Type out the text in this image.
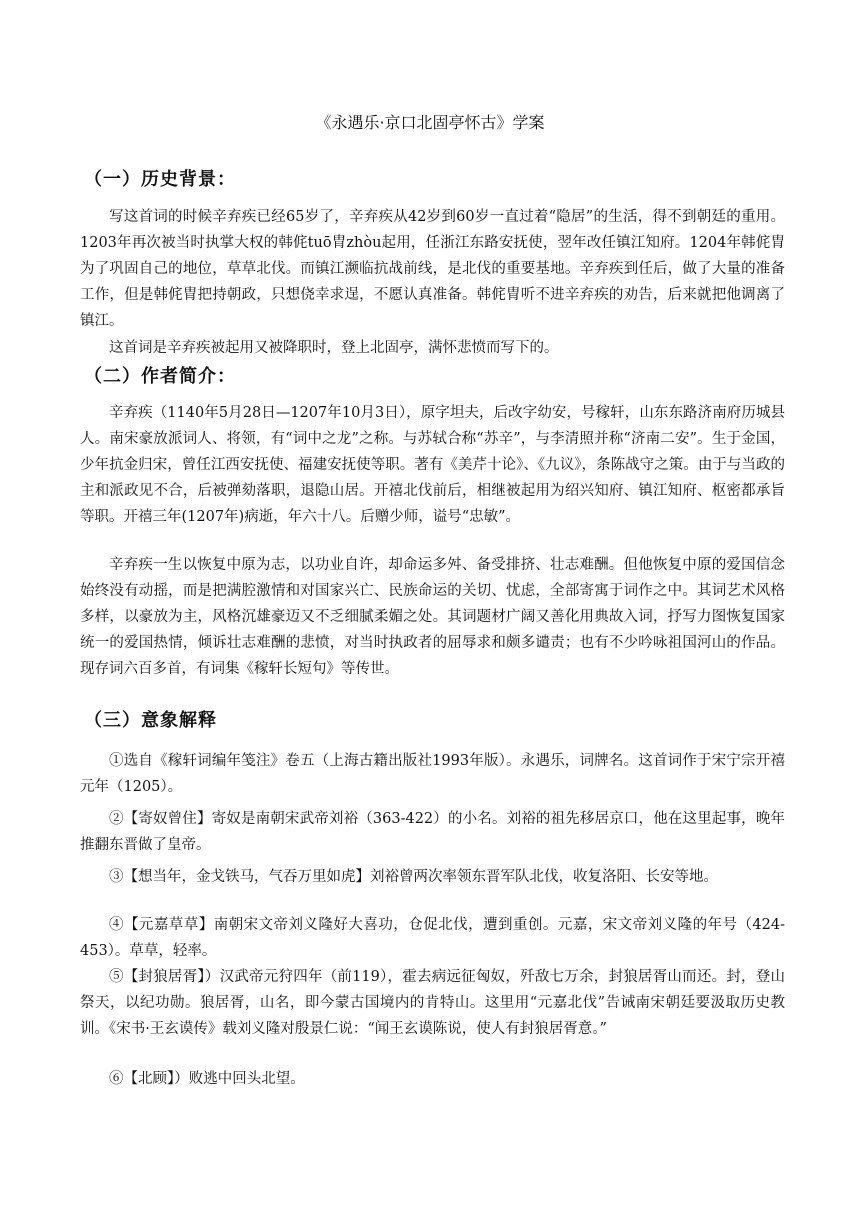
《永遇乐·京口北固亭怀古》学案
（一）历史背景：

写这首词的时候辛弃疾已经65岁了，辛弃疾从42岁到60岁一直过着“隐居”的生活，得不到朝廷的重用。1203年再次被当时执掌大权的韩侂tuō胄zhòu起用，任浙江东路安抚使，翌年改任镇江知府。1204年韩侂胄为了巩固自己的地位，草草北伐。而镇江濒临抗战前线，是北伐的重要基地。辛弃疾到任后，做了大量的准备工作，但是韩侂胄把持朝政，只想侥幸求逞，不愿认真准备。韩侂胄听不进辛弃疾的劝告，后来就把他调离了镇江。

这首词是辛弃疾被起用又被降职时，登上北固亭，满怀悲愤而写下的。

（二）作者简介：

辛弃疾（1140年5月28日—1207年10月3日），原字坦夫，后改字幼安，号稼轩，山东东路济南府历城县人。南宋豪放派词人、将领，有“词中之龙”之称。与苏轼合称“苏辛”，与李清照并称“济南二安”。生于金国，少年抗金归宋，曾任江西安抚使、福建安抚使等职。著有《美芹十论》、《九议》，条陈战守之策。由于与当政的主和派政见不合，后被弹劾落职，退隐山居。开禧北伐前后，相继被起用为绍兴知府、镇江知府、枢密都承旨等职。开禧三年(1207年)病逝，年六十八。后赠少师，谥号“忠敏”。

辛弃疾一生以恢复中原为志，以功业自许，却命运多舛、备受排挤、壮志难酬。但他恢复中原的爱国信念始终没有动摇，而是把满腔激情和对国家兴亡、民族命运的关切、忧虑，全部寄寓于词作之中。其词艺术风格多样，以豪放为主，风格沉雄豪迈又不乏细腻柔媚之处。其词题材广阔又善化用典故入词，抒写力图恢复国家统一的爱国热情，倾诉壮志难酬的悲愤，对当时执政者的屈辱求和颇多谴责；也有不少吟咏祖国河山的作品。现存词六百多首，有词集《稼轩长短句》等传世。

（三）意象解释

①选自《稼轩词编年笺注》卷五（上海古籍出版社1993年版）。永遇乐，词牌名。这首词作于宋宁宗开禧元年（1205）。

②【寄奴曾住】寄奴是南朝宋武帝刘裕（363-422）的小名。刘裕的祖先移居京口，他在这里起事，晚年推翻东晋做了皇帝。

③【想当年，金戈铁马，气吞万里如虎】刘裕曾两次率领东晋军队北伐，收复洛阳、长安等地。

④【元嘉草草】南朝宋文帝刘义隆好大喜功，仓促北伐，遭到重创。元嘉，宋文帝刘义隆的年号（424-453）。草草，轻率。

⑤【封狼居胥】）汉武帝元狩四年（前119），霍去病远征匈奴，歼敌七万余，封狼居胥山而还。封，登山祭天，以纪功勋。狼居胥，山名，即今蒙古国境内的肯特山。这里用“元嘉北伐”告诫南宋朝廷要汲取历史教训。《宋书·王玄谟传》载刘义隆对殷景仁说：“闻王玄谟陈说，使人有封狼居胥意。”

⑥【北顾】）败逃中回头北望。
